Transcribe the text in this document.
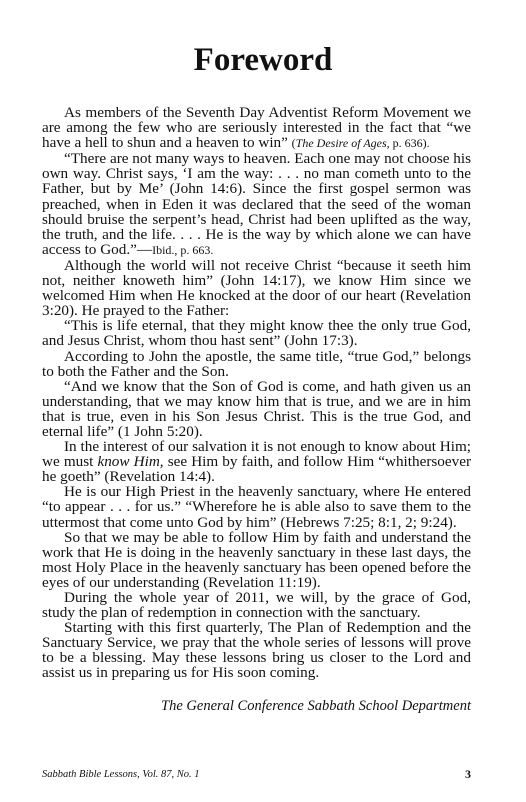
Foreword

As members of the Seventh Day Adventist Reform Movement we are among the few who are seriously interested in the fact that “we have a hell to shun and a heaven to win” (The Desire of Ages, p. 636).

“There are not many ways to heaven. Each one may not choose his own way. Christ says, ‘I am the way: . . . no man cometh unto to the Father, but by Me’ (John 14:6). Since the first gospel sermon was preached, when in Eden it was declared that the seed of the woman should bruise the serpent’s head, Christ had been uplifted as the way, the truth, and the life. . . . He is the way by which alone we can have access to God.”—Ibid., p. 663.

Although the world will not receive Christ “because it seeth him not, neither knoweth him” (John 14:17), we know Him since we welcomed Him when He knocked at the door of our heart (Revelation 3:20). He prayed to the Father:

“This is life eternal, that they might know thee the only true God, and Jesus Christ, whom thou hast sent” (John 17:3).

According to John the apostle, the same title, “true God,” belongs to both the Father and the Son.

“And we know that the Son of God is come, and hath given us an understanding, that we may know him that is true, and we are in him that is true, even in his Son Jesus Christ. This is the true God, and eternal life” (1 John 5:20).

In the interest of our salvation it is not enough to know about Him; we must know Him, see Him by faith, and follow Him “whithersoever he goeth” (Revelation 14:4).

He is our High Priest in the heavenly sanctuary, where He entered “to appear . . . for us.” “Wherefore he is able also to save them to the uttermost that come unto God by him” (Hebrews 7:25; 8:1, 2; 9:24).

So that we may be able to follow Him by faith and understand the work that He is doing in the heavenly sanctuary in these last days, the most Holy Place in the heavenly sanctuary has been opened before the eyes of our understanding (Revelation 11:19).

During the whole year of 2011, we will, by the grace of God, study the plan of redemption in connection with the sanctuary.

Starting with this first quarterly, The Plan of Redemption and the Sanctuary Service, we pray that the whole series of lessons will prove to be a blessing. May these lessons bring us closer to the Lord and assist us in preparing us for His soon coming.

The General Conference Sabbath School Department
Sabbath Bible Lessons, Vol. 87, No. 1	3
